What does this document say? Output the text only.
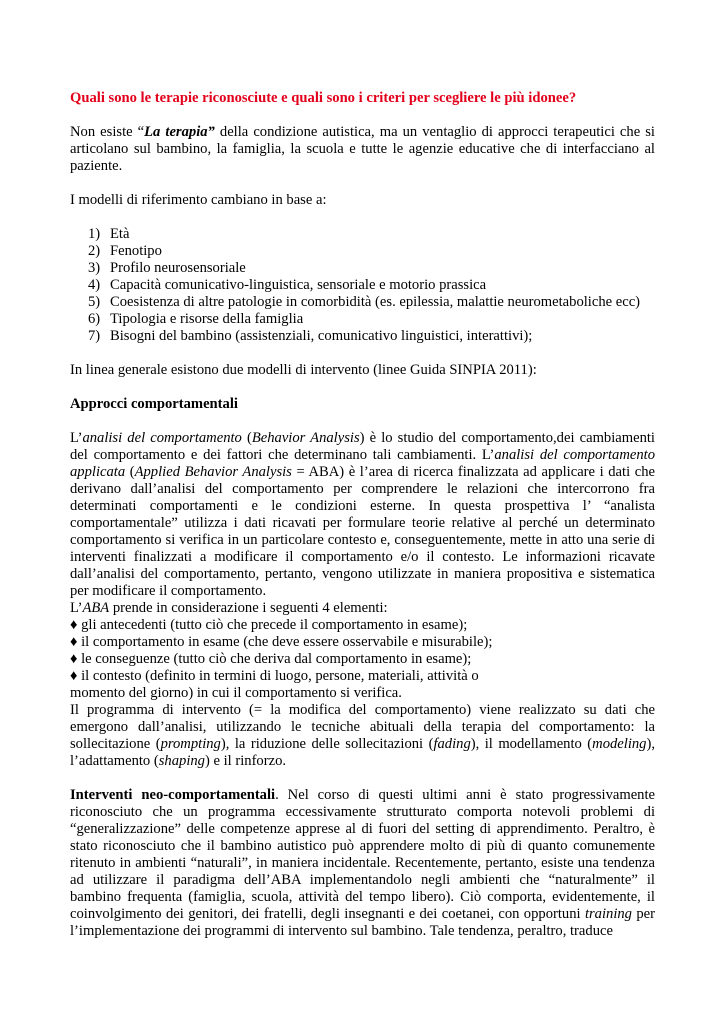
Quali sono le terapie riconosciute e quali sono i criteri per scegliere le più idonee?

Non esiste “La terapia” della condizione autistica, ma un ventaglio di approcci terapeutici che si articolano sul bambino, la famiglia, la scuola e tutte le agenzie educative che di interfacciano al paziente.

I modelli di riferimento cambiano in base a:

1) Età
2) Fenotipo
3) Profilo neurosensoriale
4) Capacità comunicativo-linguistica, sensoriale e motorio prassica
5) Coesistenza di altre patologie in comorbidità (es. epilessia, malattie neurometaboliche ecc)
6) Tipologia e risorse della famiglia
7) Bisogni del bambino (assistenziali, comunicativo linguistici, interattivi);

In linea generale esistono due modelli di intervento (linee Guida SINPIA 2011):

Approcci comportamentali

L’analisi del comportamento (Behavior Analysis) è lo studio del comportamento,dei cambiamenti del comportamento e dei fattori che determinano tali cambiamenti. L’analisi del comportamento applicata (Applied Behavior Analysis = ABA) è l’area di ricerca finalizzata ad applicare i dati che derivano dall’analisi del comportamento per comprendere le relazioni che intercorrono fra determinati comportamenti e le condizioni esterne. In questa prospettiva l’ “analista comportamentale” utilizza i dati ricavati per formulare teorie relative al perché un determinato comportamento si verifica in un particolare contesto e, conseguentemente, mette in atto una serie di interventi finalizzati a modificare il comportamento e/o il contesto. Le informazioni ricavate dall’analisi del comportamento, pertanto, vengono utilizzate in maniera propositiva e sistematica per modificare il comportamento.

L’ABA prende in considerazione i seguenti 4 elementi:

♦ gli antecedenti (tutto ciò che precede il comportamento in esame);
♦ il comportamento in esame (che deve essere osservabile e misurabile);
♦ le conseguenze (tutto ciò che deriva dal comportamento in esame);
♦ il contesto (definito in termini di luogo, persone, materiali, attività o
momento del giorno) in cui il comportamento si verifica.

Il programma di intervento (= la modifica del comportamento) viene realizzato su dati che emergono dall’analisi, utilizzando le tecniche abituali della terapia del comportamento: la sollecitazione (prompting), la riduzione delle sollecitazioni (fading), il modellamento (modeling), l’adattamento (shaping) e il rinforzo.

Interventi neo-comportamentali. Nel corso di questi ultimi anni è stato progressivamente riconosciuto che un programma eccessivamente strutturato comporta notevoli problemi di “generalizzazione” delle competenze apprese al di fuori del setting di apprendimento. Peraltro, è stato riconosciuto che il bambino autistico può apprendere molto di più di quanto comunemente ritenuto in ambienti “naturali”, in maniera incidentale. Recentemente, pertanto, esiste una tendenza ad utilizzare il paradigma dell’ABA implementandolo negli ambienti che “naturalmente” il bambino frequenta (famiglia, scuola, attività del tempo libero). Ciò comporta, evidentemente, il coinvolgimento dei genitori, dei fratelli, degli insegnanti e dei coetanei, con opportuni training per l’implementazione dei programmi di intervento sul bambino. Tale tendenza, peraltro, traduce
